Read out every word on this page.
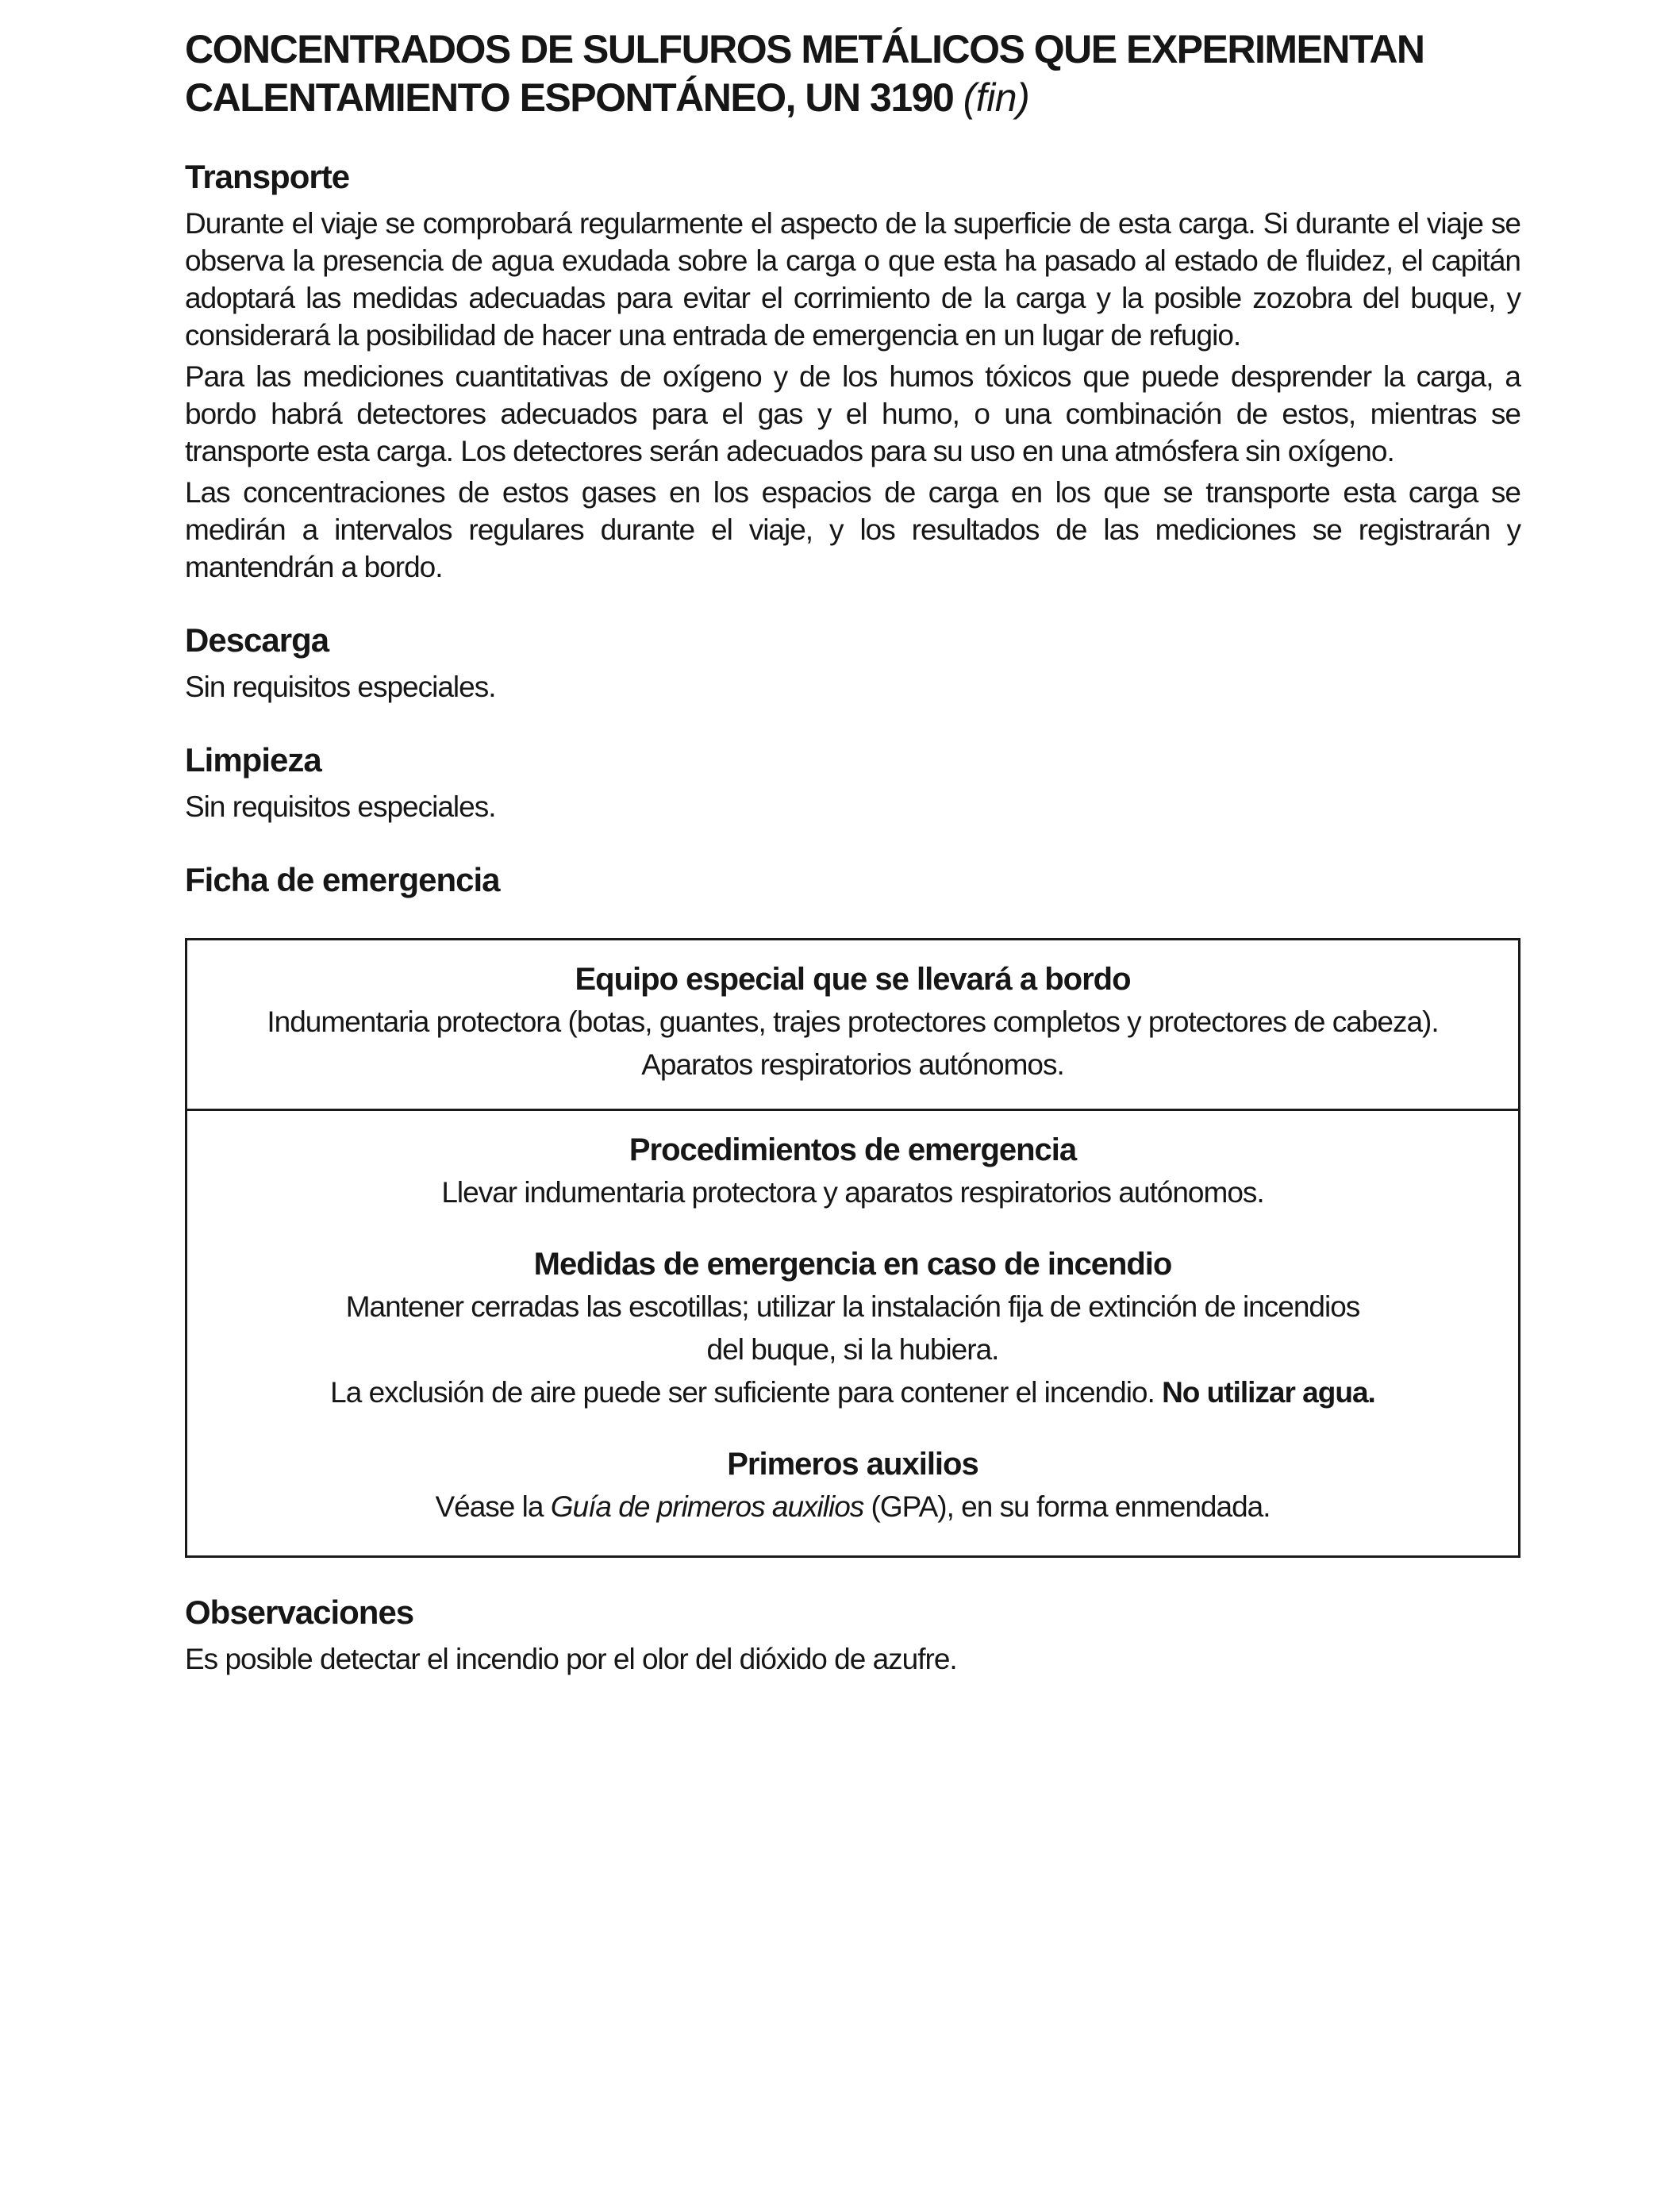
CONCENTRADOS DE SULFUROS METÁLICOS QUE EXPERIMENTAN
CALENTAMIENTO ESPONTÁNEO, UN 3190 (fin)
Transporte

Durante el viaje se comprobará regularmente el aspecto de la superficie de esta carga. Si durante el viaje se observa la presencia de agua exudada sobre la carga o que esta ha pasado al estado de fluidez, el capitán adoptará las medidas adecuadas para evitar el corrimiento de la carga y la posible zozobra del buque, y considerará la posibilidad de hacer una entrada de emergencia en un lugar de refugio.

Para las mediciones cuantitativas de oxígeno y de los humos tóxicos que puede desprender la carga, a bordo habrá detectores adecuados para el gas y el humo, o una combinación de estos, mientras se transporte esta carga. Los detectores serán adecuados para su uso en una atmósfera sin oxígeno.

Las concentraciones de estos gases en los espacios de carga en los que se transporte esta carga se medirán a intervalos regulares durante el viaje, y los resultados de las mediciones se registrarán y mantendrán a bordo.

Descarga

Sin requisitos especiales.

Limpieza

Sin requisitos especiales.

Ficha de emergencia

Equipo especial que se llevará a bordo

Indumentaria protectora (botas, guantes, trajes protectores completos y protectores de cabeza).

Aparatos respiratorios autónomos.

Procedimientos de emergencia

Llevar indumentaria protectora y aparatos respiratorios autónomos.

Medidas de emergencia en caso de incendio

Mantener cerradas las escotillas; utilizar la instalación fija de extinción de incendios

del buque, si la hubiera.

La exclusión de aire puede ser suficiente para contener el incendio. No utilizar agua.

Primeros auxilios

Véase la Guía de primeros auxilios (GPA), en su forma enmendada.

Observaciones

Es posible detectar el incendio por el olor del dióxido de azufre.
